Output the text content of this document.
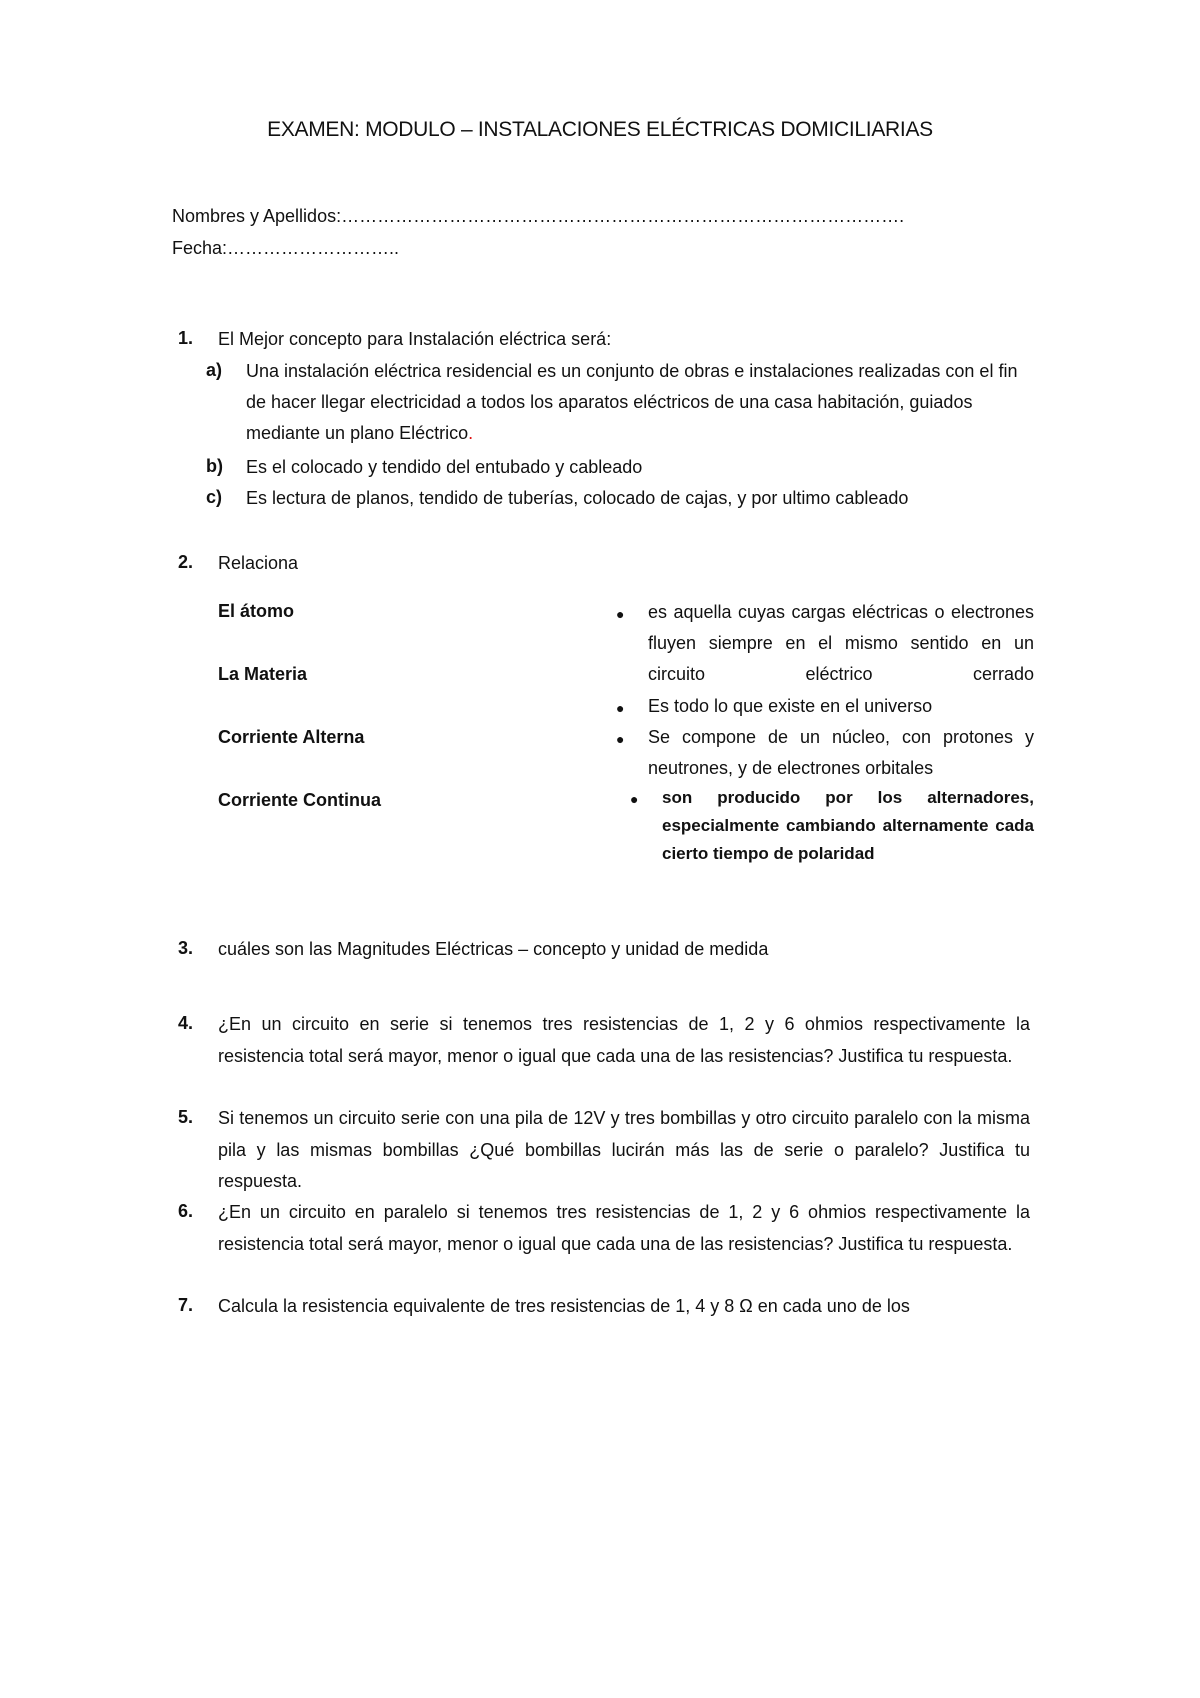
EXAMEN: MODULO – INSTALACIONES ELÉCTRICAS DOMICILIARIAS
Nombres y Apellidos:………………………………………………………………………………….
Fecha:………………………..
1. El Mejor concepto para Instalación eléctrica será:
a) Una instalación eléctrica residencial es un conjunto de obras e instalaciones realizadas con el fin de hacer llegar electricidad a todos los aparatos eléctricos de una casa habitación, guiados mediante un plano Eléctrico.
b) Es el colocado y tendido del entubado y cableado
c) Es lectura de planos, tendido de tuberías, colocado de cajas, y por ultimo cableado
2. Relaciona
El átomo
La Materia
Corriente Alterna
Corriente Continua
● es aquella cuyas cargas eléctricas o electrones fluyen siempre en el mismo sentido en un circuito eléctrico cerrado
● Es todo lo que existe en el universo
● Se compone de un núcleo, con protones y neutrones, y de electrones orbitales
● son producido por los alternadores, especialmente cambiando alternamente cada cierto tiempo de polaridad
3. cuáles son las Magnitudes Eléctricas – concepto y unidad de medida
4. ¿En un circuito en serie si tenemos tres resistencias de 1, 2 y 6 ohmios respectivamente la resistencia total será mayor, menor o igual que cada una de las resistencias? Justifica tu respuesta.
5. Si tenemos un circuito serie con una pila de 12V y tres bombillas y otro circuito paralelo con la misma pila y las mismas bombillas ¿Qué bombillas lucirán más las de serie o paralelo? Justifica tu respuesta.
6. ¿En un circuito en paralelo si tenemos tres resistencias de 1, 2 y 6 ohmios respectivamente la resistencia total será mayor, menor o igual que cada una de las resistencias? Justifica tu respuesta.
7. Calcula la resistencia equivalente de tres resistencias de 1, 4 y 8 Ω en cada uno de los
